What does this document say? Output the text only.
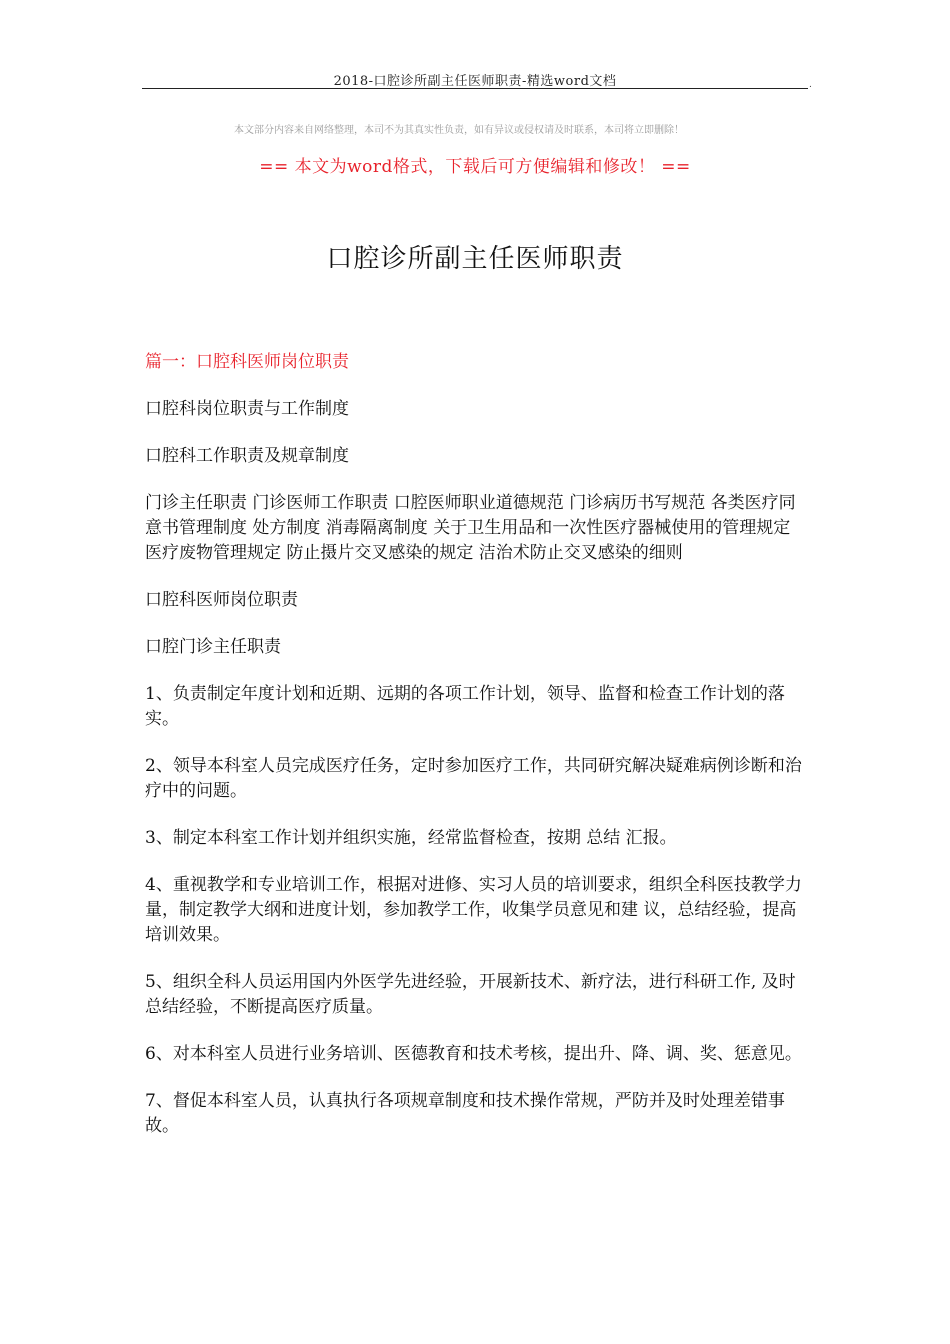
2018-口腔诊所副主任医师职责-精选word文档	.
本文部分内容来自网络整理，本司不为其真实性负责，如有异议或侵权请及时联系，本司将立即删除！
== 本文为word格式，下载后可方便编辑和修改！ ==
口腔诊所副主任医师职责

篇一：口腔科医师岗位职责

口腔科岗位职责与工作制度

口腔科工作职责及规章制度

门诊主任职责 门诊医师工作职责 口腔医师职业道德规范 门诊病历书写规范 各类医疗同意书管理制度 处方制度 消毒隔离制度 关于卫生用品和一次性医疗器械使用的管理规定 医疗废物管理规定 防止摄片交叉感染的规定 洁治术防止交叉感染的细则

口腔科医师岗位职责

口腔门诊主任职责

1、负责制定年度计划和近期、远期的各项工作计划，领导、监督和检查工作计划的落实。

2、领导本科室人员完成医疗任务，定时参加医疗工作，共同研究解决疑难病例诊断和治疗中的问题。

3、制定本科室工作计划并组织实施，经常监督检查，按期 总结 汇报。

4、重视教学和专业培训工作，根据对进修、实习人员的培训要求，组织全科医技教学力量，制定教学大纲和进度计划，参加教学工作，收集学员意见和建 议，总结经验，提高培训效果。

5、组织全科人员运用国内外医学先进经验，开展新技术、新疗法，进行科研工作, 及时总结经验，不断提高医疗质量。

6、对本科室人员进行业务培训、医德教育和技术考核，提出升、降、调、奖、惩意见。

7、督促本科室人员，认真执行各项规章制度和技术操作常规，严防并及时处理差错事故。
